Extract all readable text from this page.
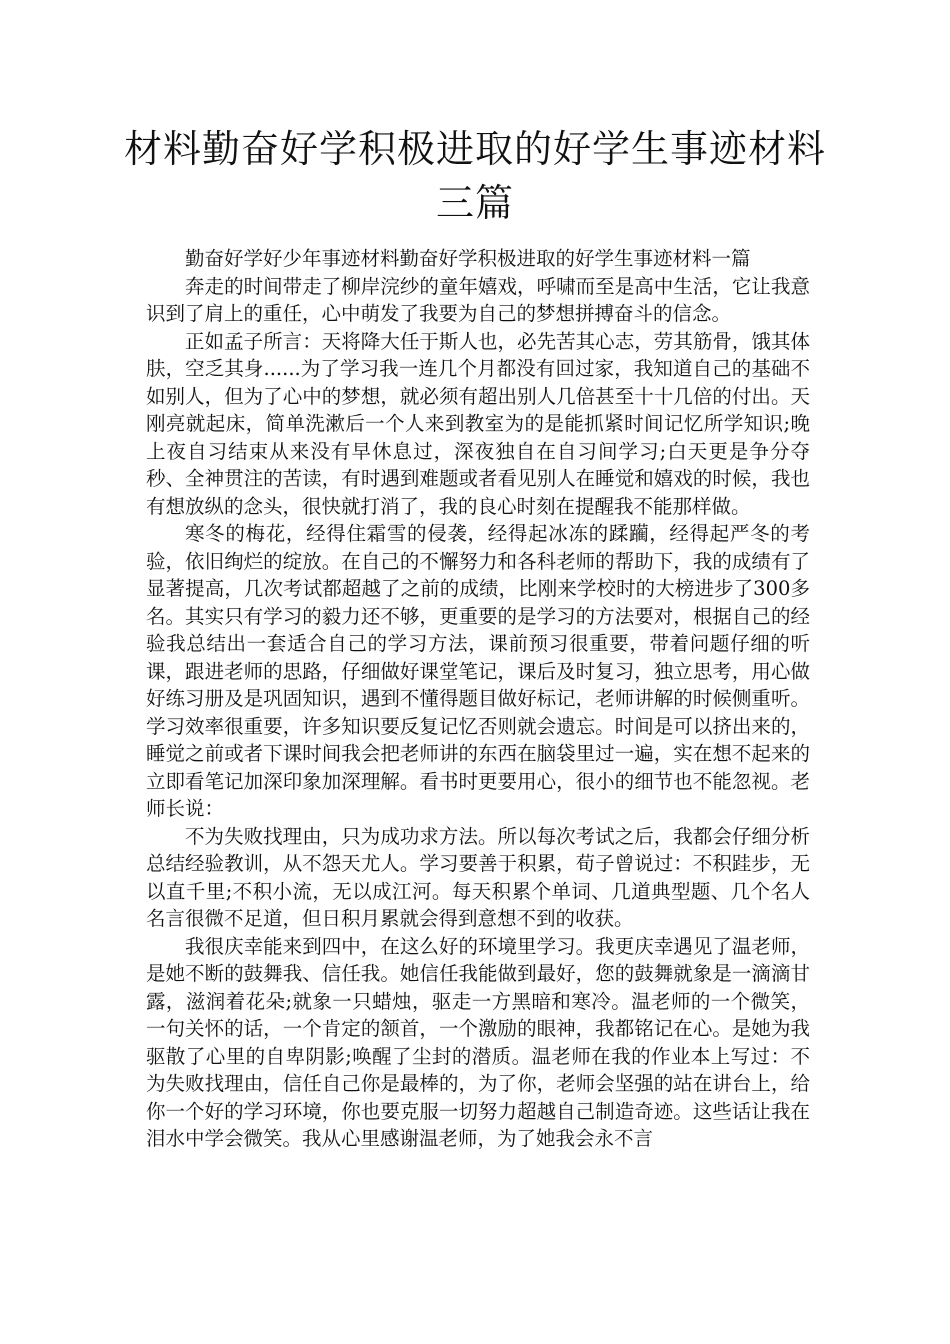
材料勤奋好学积极进取的好学生事迹材料三篇

勤奋好学好少年事迹材料勤奋好学积极进取的好学生事迹材料一篇

奔走的时间带走了柳岸浣纱的童年嬉戏，呼啸而至是高中生活，它让我意识到了肩上的重任，心中萌发了我要为自己的梦想拼搏奋斗的信念。

正如孟子所言：天将降大任于斯人也，必先苦其心志，劳其筋骨，饿其体肤，空乏其身......为了学习我一连几个月都没有回过家，我知道自己的基础不如别人，但为了心中的梦想，就必须有超出别人几倍甚至十十几倍的付出。天刚亮就起床，简单洗漱后一个人来到教室为的是能抓紧时间记忆所学知识;晚上夜自习结束从来没有早休息过，深夜独自在自习间学习;白天更是争分夺秒、全神贯注的苦读，有时遇到难题或者看见别人在睡觉和嬉戏的时候，我也有想放纵的念头，很快就打消了，我的良心时刻在提醒我不能那样做。

寒冬的梅花，经得住霜雪的侵袭，经得起冰冻的蹂躏，经得起严冬的考验，依旧绚烂的绽放。在自己的不懈努力和各科老师的帮助下，我的成绩有了显著提高，几次考试都超越了之前的成绩，比刚来学校时的大榜进步了300多名。其实只有学习的毅力还不够，更重要的是学习的方法要对，根据自己的经验我总结出一套适合自己的学习方法，课前预习很重要，带着问题仔细的听课，跟进老师的思路，仔细做好课堂笔记，课后及时复习，独立思考，用心做好练习册及是巩固知识，遇到不懂得题目做好标记，老师讲解的时候侧重听。学习效率很重要，许多知识要反复记忆否则就会遗忘。时间是可以挤出来的，睡觉之前或者下课时间我会把老师讲的东西在脑袋里过一遍，实在想不起来的立即看笔记加深印象加深理解。看书时更要用心，很小的细节也不能忽视。老师长说：

不为失败找理由，只为成功求方法。所以每次考试之后，我都会仔细分析总结经验教训，从不怨天尤人。学习要善于积累，荀子曾说过：不积跬步，无以直千里;不积小流，无以成江河。每天积累个单词、几道典型题、几个名人名言很微不足道，但日积月累就会得到意想不到的收获。

我很庆幸能来到四中，在这么好的环境里学习。我更庆幸遇见了温老师，是她不断的鼓舞我、信任我。她信任我能做到最好，您的鼓舞就象是一滴滴甘露，滋润着花朵;就象一只蜡烛，驱走一方黑暗和寒冷。温老师的一个微笑，一句关怀的话，一个肯定的颔首，一个激励的眼神，我都铭记在心。是她为我驱散了心里的自卑阴影;唤醒了尘封的潜质。温老师在我的作业本上写过：不为失败找理由，信任自己你是最棒的，为了你，老师会坚强的站在讲台上，给你一个好的学习环境，你也要克服一切努力超越自己制造奇迹。这些话让我在泪水中学会微笑。我从心里感谢温老师，为了她我会永不言
